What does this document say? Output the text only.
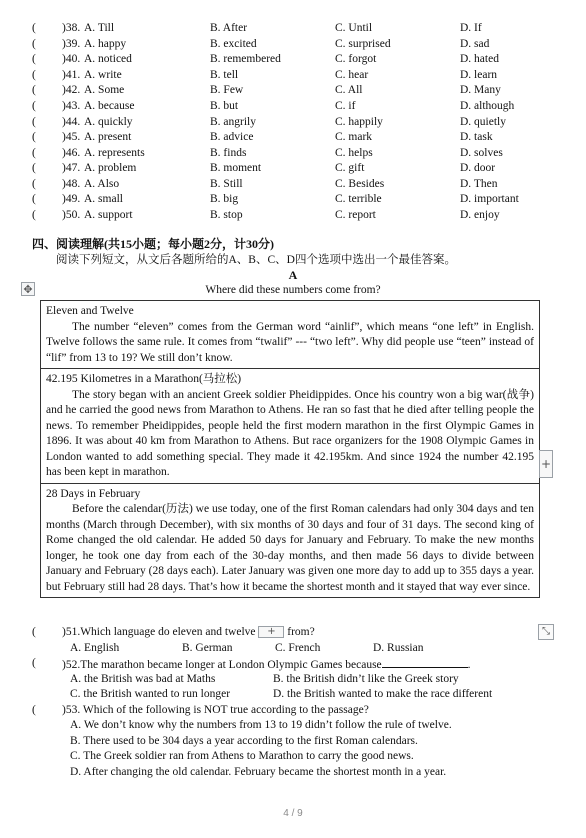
( )38. A. Till	B. After	C. Until	D. If
( )39. A. happy	B. excited	C. surprised	D. sad
( )40. A. noticed	B. remembered	C. forgot	D. hated
( )41. A. write	B. tell	C. hear	D. learn
( )42. A. Some	B. Few	C. All	D. Many
( )43. A. because	B. but	C. if	D. although
( )44. A. quickly	B. angrily	C. happily	D. quietly
( )45. A. present	B. advice	C. mark	D. task
( )46. A. represents	B. finds	C. helps	D. solves
( )47. A. problem	B. moment	C. gift	D. door
( )48. A. Also	B. Still	C. Besides	D. Then
( )49. A. small	B. big	C. terrible	D. important
( )50. A. support	B. stop	C. report	D. enjoy
四、阅读理解(共15小题；每小题2分，计30分)
阅读下列短文，从文后各题所给的A、B、C、D四个选项中选出一个最佳答案。
A
Where did these numbers come from?
✥
Eleven and Twelve
The number “eleven” comes from the German word “ainlif”, which means “one left” in English. Twelve follows the same rule. It comes from “twalif” --- “two left”. Why did people use “teen” instead of “lif” from 13 to 19? We still don’t know.
42.195 Kilometres in a Marathon(马拉松)
The story began with an ancient Greek soldier Pheidippides. Once his country won a big war(战争) and he carried the good news from Marathon to Athens. He ran so fast that he died after telling people the news. To remember Pheidippides, people held the first modern marathon in the first Olympic Games in 1896. It was about 40 km from Marathon to Athens. But race organizers for the 1908 Olympic Games in London wanted to add something special. They made it 42.195km. And since 1924 the number 42.195 has been kept in marathon.
28 Days in February
Before the calendar(历法) we use today, one of the first Roman calendars had only 304 days and ten months (March through December), with six months of 30 days and four of 31 days. The second king of Rome changed the old calendar. He added 50 days for January and February. To make the new months longer, he took one day from each of the 30-day months, and then made 56 days to divide between January and February (28 days each). Later January was given one more day to add up to 355 days a year. but February still had 28 days. That’s how it became the shortest month and it stayed that way ever since.
+
⤡
( )51.Which language do eleven and twelve + from?
A. English	B. German	C. French	D. Russian
( )52.The marathon became longer at London Olympic Games because	.
A. the British was bad at Maths	B. the British didn’t like the Greek story
C. the British wanted to run longer	D. the British wanted to make the race different
( )53. Which of the following is NOT true according to the passage?
A. We don’t know why the numbers from 13 to 19 didn’t follow the rule of twelve.
B. There used to be 304 days a year according to the first Roman calendars.
C. The Greek soldier ran from Athens to Marathon to carry the good news.
D. After changing the old calendar. February became the shortest month in a year.
4 / 9
